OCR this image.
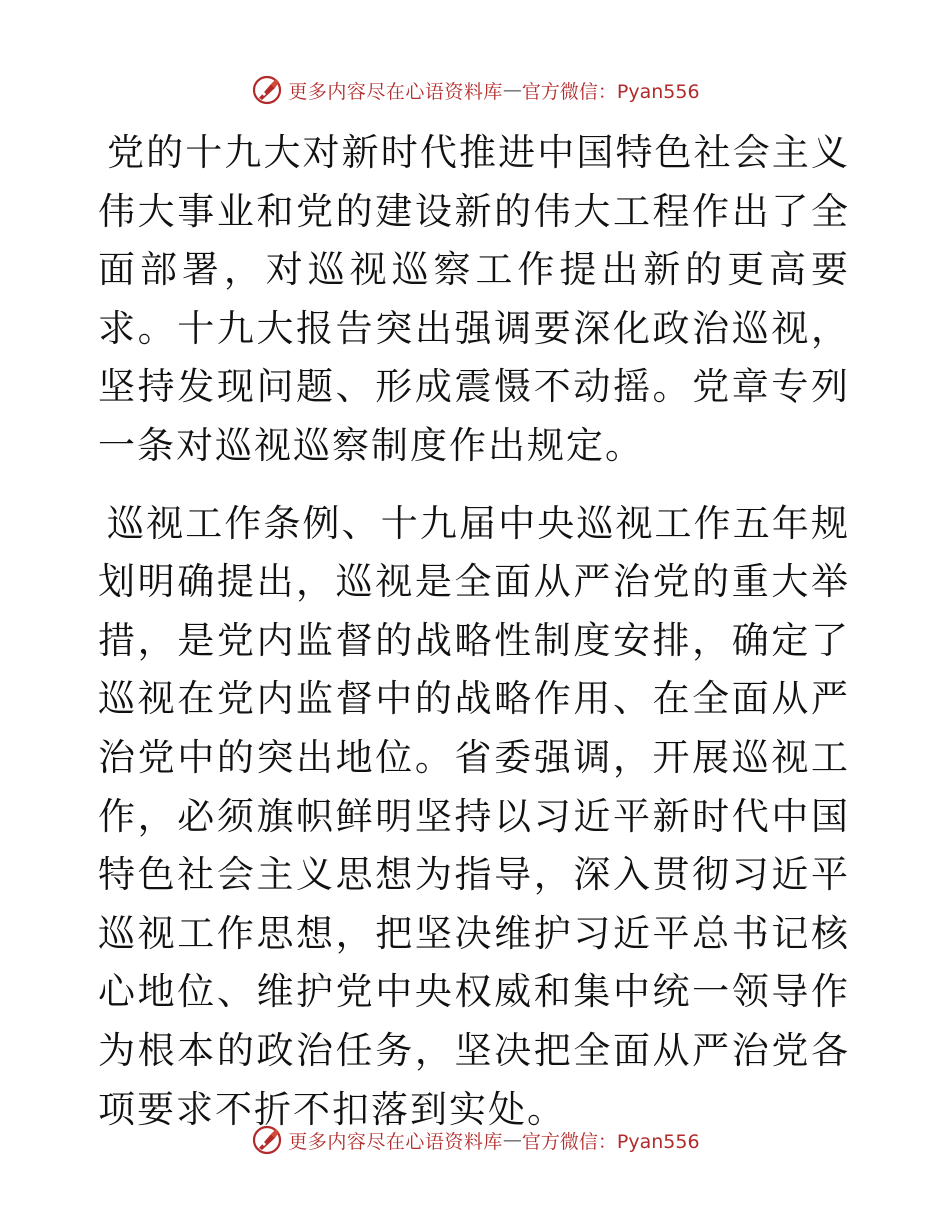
更多内容尽在心语资料库 — 官方微信：Pyan556

党的十九大对新时代推进中国特色社会主义伟大事业和党的建设新的伟大工程作出了全面部署，对巡视巡察工作提出新的更高要求。十九大报告突出强调要深化政治巡视，坚持发现问题、形成震慑不动摇。党章专列一条对巡视巡察制度作出规定。

巡视工作条例、十九届中央巡视工作五年规划明确提出，巡视是全面从严治党的重大举措，是党内监督的战略性制度安排，确定了巡视在党内监督中的战略作用、在全面从严治党中的突出地位。省委强调，开展巡视工作，必须旗帜鲜明坚持以习近平新时代中国特色社会主义思想为指导，深入贯彻习近平巡视工作思想，把坚决维护习近平总书记核心地位、维护党中央权威和集中统一领导作为根本的政治任务，坚决把全面从严治党各项要求不折不扣落到实处。

更多内容尽在心语资料库 — 官方微信：Pyan556
